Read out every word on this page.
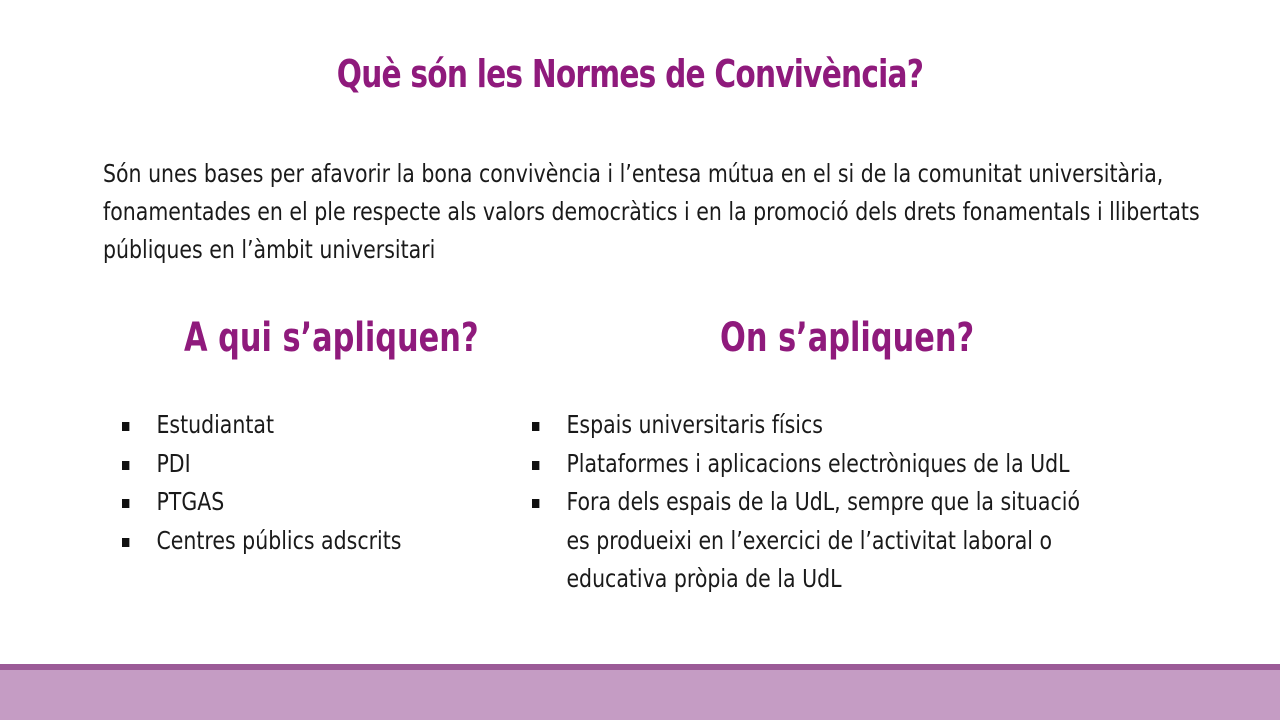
Què són les Normes de Convivència?
Són unes bases per afavorir la bona convivència i l’entesa mútua en el si de la comunitat universitària, fonamentades en el ple respecte als valors democràtics i en la promoció dels drets fonamentals i llibertats públiques en l’àmbit universitari
A qui s’apliquen?	On s’apliquen?
Estudiantat
PDI
PTGAS
Centres públics adscrits
Espais universitaris físics
Plataformes i aplicacions electròniques de la UdL
Fora dels espais de la UdL, sempre que la situació es produeixi en l’exercici de l’activitat laboral o educativa pròpia de la UdL
